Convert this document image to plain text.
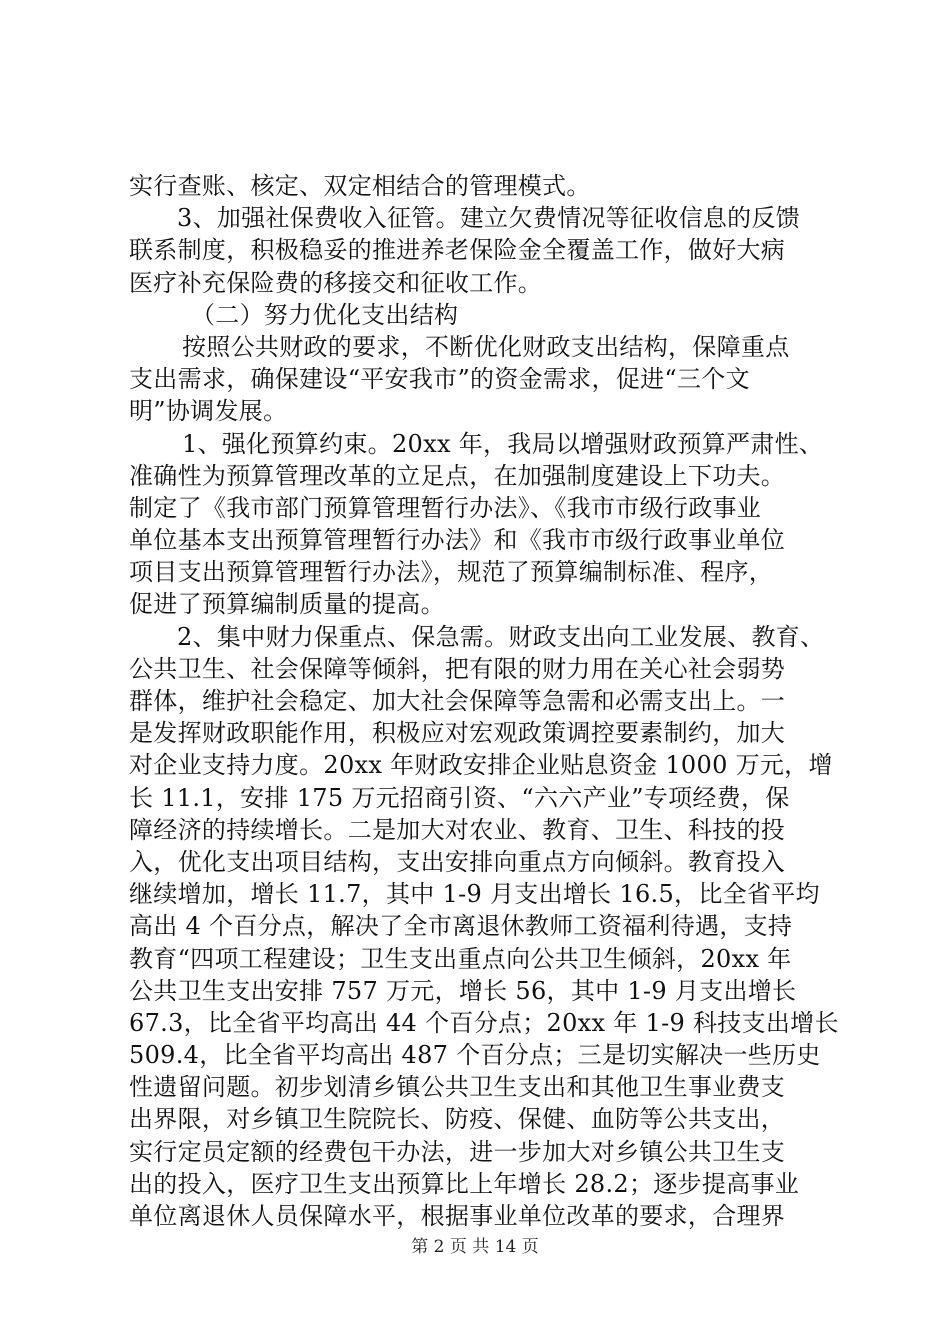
实行查账、核定、双定相结合的管理模式。
3、加强社保费收入征管。建立欠费情况等征收信息的反馈
联系制度，积极稳妥的推进养老保险金全覆盖工作，做好大病
医疗补充保险费的移接交和征收工作。
（二）努力优化支出结构
按照公共财政的要求，不断优化财政支出结构，保障重点
支出需求，确保建设“平安我市”的资金需求，促进“三个文
明”协调发展。
1、强化预算约束。20xx 年，我局以增强财政预算严肃性、
准确性为预算管理改革的立足点，在加强制度建设上下功夫。
制定了《我市部门预算管理暂行办法》、《我市市级行政事业
单位基本支出预算管理暂行办法》和《我市市级行政事业单位
项目支出预算管理暂行办法》，规范了预算编制标准、程序，
促进了预算编制质量的提高。
2、集中财力保重点、保急需。财政支出向工业发展、教育、
公共卫生、社会保障等倾斜，把有限的财力用在关心社会弱势
群体，维护社会稳定、加大社会保障等急需和必需支出上。一
是发挥财政职能作用，积极应对宏观政策调控要素制约，加大
对企业支持力度。20xx 年财政安排企业贴息资金 1000 万元，增
长 11.1，安排 175 万元招商引资、“六六产业”专项经费，保
障经济的持续增长。二是加大对农业、教育、卫生、科技的投
入，优化支出项目结构，支出安排向重点方向倾斜。教育投入
继续增加，增长 11.7，其中 1-9 月支出增长 16.5，比全省平均
高出 4 个百分点，解决了全市离退休教师工资福利待遇，支持
教育“四项工程建设；卫生支出重点向公共卫生倾斜，20xx 年
公共卫生支出安排 757 万元，增长 56，其中 1-9 月支出增长
67.3，比全省平均高出 44 个百分点；20xx 年 1-9 科技支出增长
509.4，比全省平均高出 487 个百分点；三是切实解决一些历史
性遗留问题。初步划清乡镇公共卫生支出和其他卫生事业费支
出界限，对乡镇卫生院院长、防疫、保健、血防等公共支出，
实行定员定额的经费包干办法，进一步加大对乡镇公共卫生支
出的投入，医疗卫生支出预算比上年增长 28.2；逐步提高事业
单位离退休人员保障水平，根据事业单位改革的要求，合理界
第 2 页 共 14 页
